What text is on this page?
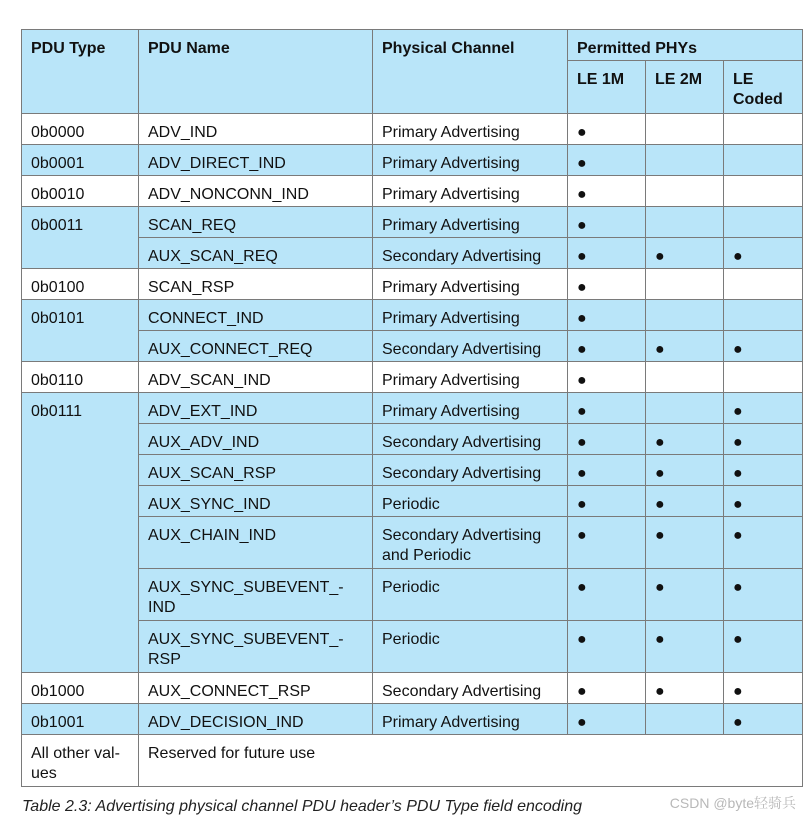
PDU Type	PDU Name	Physical Channel	Permitted PHYs		
			LE 1M	LE 2M	LE Coded
0b0000	ADV_IND	Primary Advertising	●		
0b0001	ADV_DIRECT_IND	Primary Advertising	●		
0b0010	ADV_NONCONN_IND	Primary Advertising	●		
0b0011	SCAN_REQ	Primary Advertising	●		
	AUX_SCAN_REQ	Secondary Advertising	●	●	●
0b0100	SCAN_RSP	Primary Advertising	●		
0b0101	CONNECT_IND	Primary Advertising	●		
	AUX_CONNECT_REQ	Secondary Advertising	●	●	●
0b0110	ADV_SCAN_IND	Primary Advertising	●		
0b0111	ADV_EXT_IND	Primary Advertising	●		●
	AUX_ADV_IND	Secondary Advertising	●	●	●
	AUX_SCAN_RSP	Secondary Advertising	●	●	●
	AUX_SYNC_IND	Periodic	●	●	●
	AUX_CHAIN_IND	Secondary Advertising and Periodic	●	●	●
	AUX_SYNC_SUBEVENT_-IND	Periodic	●	●	●
	AUX_SYNC_SUBEVENT_-RSP	Periodic	●	●	●
0b1000	AUX_CONNECT_RSP	Secondary Advertising	●	●	●
0b1001	ADV_DECISION_IND	Primary Advertising	●		●
All other val-ues	Reserved for future use				
Table 2.3: Advertising physical channel PDU header’s PDU Type field encoding	CSDN @byte轻骑兵
